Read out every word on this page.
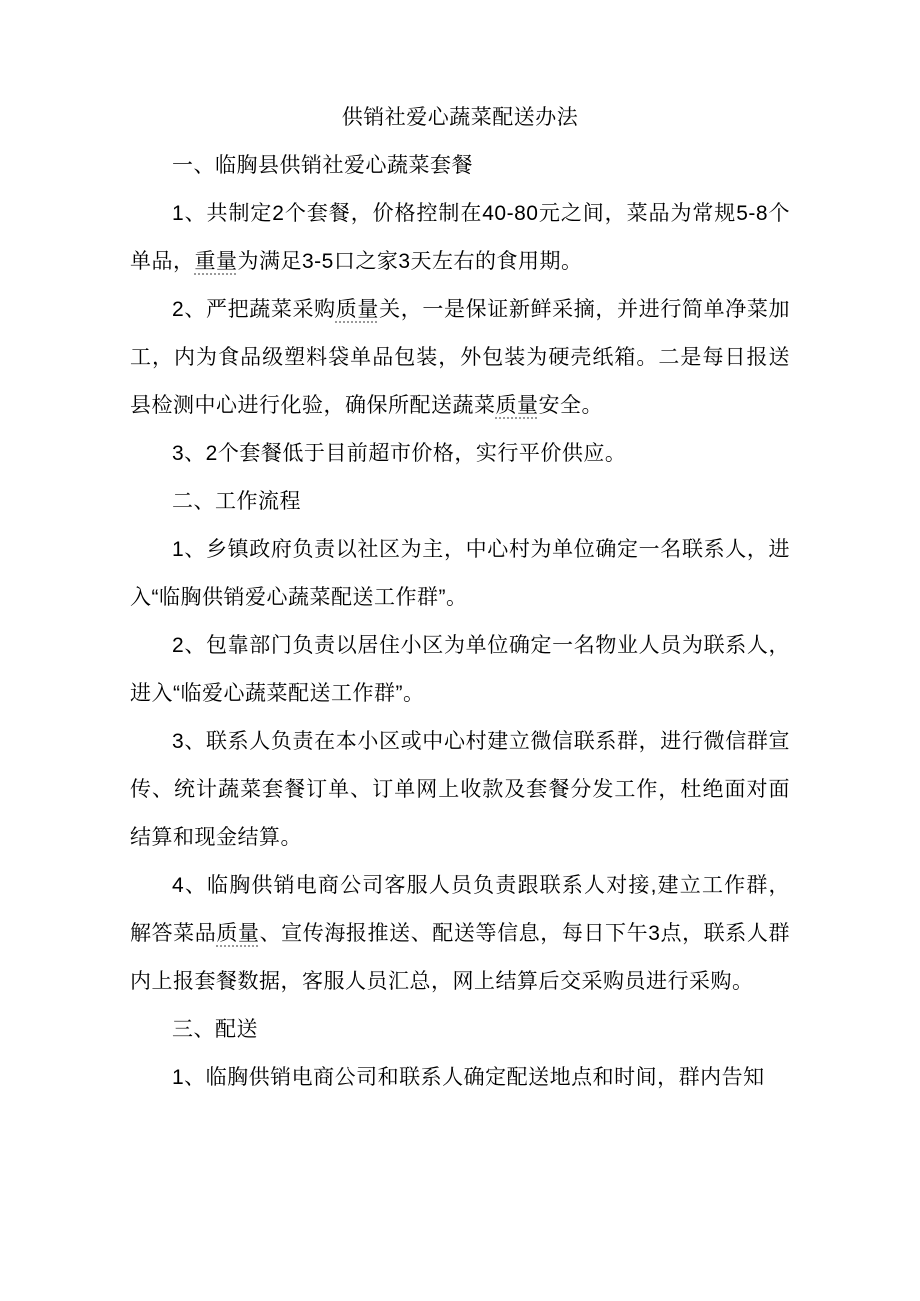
供销社爱心蔬菜配送办法

一、临胸县供销社爱心蔬菜套餐

1、共制定2个套餐，价格控制在40-80元之间，菜品为常规5-8个单品，重量为满足3-5口之家3天左右的食用期。

2、严把蔬菜采购质量关，一是保证新鲜采摘，并进行简单净菜加工，内为食品级塑料袋单品包装，外包装为硬壳纸箱。二是每日报送县检测中心进行化验，确保所配送蔬菜质量安全。

3、2个套餐低于目前超市价格，实行平价供应。

二、工作流程

1、乡镇政府负责以社区为主，中心村为单位确定一名联系人，进入“临胸供销爱心蔬菜配送工作群”。

2、包靠部门负责以居住小区为单位确定一名物业人员为联系人，进入“临爱心蔬菜配送工作群”。

3、联系人负责在本小区或中心村建立微信联系群，进行微信群宣传、统计蔬菜套餐订单、订单网上收款及套餐分发工作，杜绝面对面结算和现金结算。

4、临胸供销电商公司客服人员负责跟联系人对接,建立工作群，解答菜品质量、宣传海报推送、配送等信息，每日下午3点，联系人群内上报套餐数据，客服人员汇总，网上结算后交采购员进行采购。

三、配送

1、临胸供销电商公司和联系人确定配送地点和时间，群内告知
